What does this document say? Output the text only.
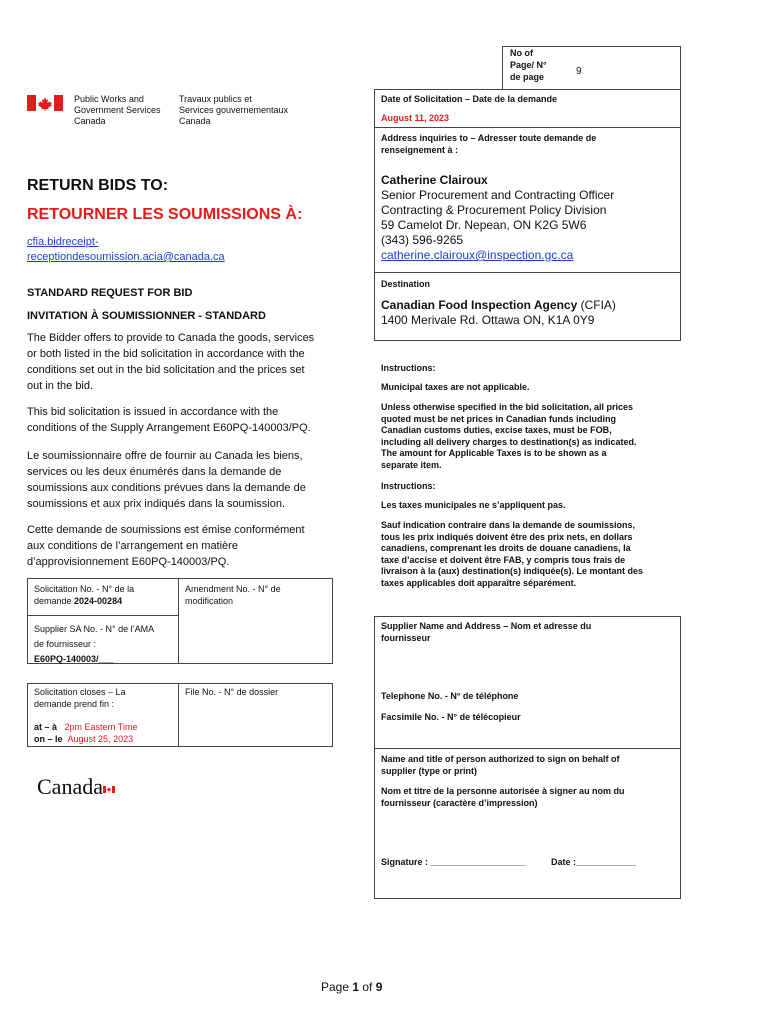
Public Works and
Government Services
Canada
Travaux publics et
Services gouvernementaux
Canada
No of
Page/ N°
de page	9
Date of Solicitation – Date de la demande
August 11, 2023
Address inquiries to – Adresser toute demande de
renseignement à :
Catherine Clairoux
Senior Procurement and Contracting Officer
Contracting & Procurement Policy Division
59 Camelot Dr. Nepean, ON K2G 5W6
(343) 596-9265
catherine.clairoux@inspection.gc.ca
Destination
Canadian Food Inspection Agency (CFIA)
1400 Merivale Rd. Ottawa ON, K1A 0Y9
RETURN BIDS TO:
RETOURNER LES SOUMISSIONS À:
cfia.bidreceipt-
receptiondesoumission.acia@canada.ca
STANDARD REQUEST FOR BID
INVITATION À SOUMISSIONNER - STANDARD
The Bidder offers to provide to Canada the goods, services
or both listed in the bid solicitation in accordance with the
conditions set out in the bid solicitation and the prices set
out in the bid.
This bid solicitation is issued in accordance with the
conditions of the Supply Arrangement E60PQ-140003/PQ.
Le soumissionnaire offre de fournir au Canada les biens,
services ou les deux énumérés dans la demande de
soumissions aux conditions prévues dans la demande de
soumissions et aux prix indiqués dans la soumission.
Cette demande de soumissions est émise conformément
aux conditions de l’arrangement en matière
d’approvisionnement E60PQ-140003/PQ.
Instructions:
Municipal taxes are not applicable.
Unless otherwise specified in the bid solicitation, all prices
quoted must be net prices in Canadian funds including
Canadian customs duties, excise taxes, must be FOB,
including all delivery charges to destination(s) as indicated.
The amount for Applicable Taxes is to be shown as a
separate item.
Instructions:
Les taxes municipales ne s’appliquent pas.
Sauf indication contraire dans la demande de soumissions,
tous les prix indiqués doivent être des prix nets, en dollars
canadiens, comprenant les droits de douane canadiens, la
taxe d’accise et doivent être FAB, y compris tous frais de
livraison à la (aux) destination(s) indiquée(s). Le montant des
taxes applicables doit apparaître séparément.
Solicitation No. - N° de la
demande 2024-00284
Amendment No. - N° de
modification
Supplier SA No. - N° de l’AMA
de fournisseur :
E60PQ-140003/___
Solicitation closes – La
demande prend fin :
File No. - N° de dossier
at – à 2pm Eastern Time
on – le August 25, 2023
Canada
Supplier Name and Address – Nom et adresse du
fournisseur
Telephone No. - N° de téléphone
Facsimile No. - N° de télécopieur
Name and title of person authorized to sign on behalf of
supplier (type or print)
Nom et titre de la personne autorisée à signer au nom du
fournisseur (caractère d’impression)
Signature : ___________________	Date :____________
Page 1 of 9
